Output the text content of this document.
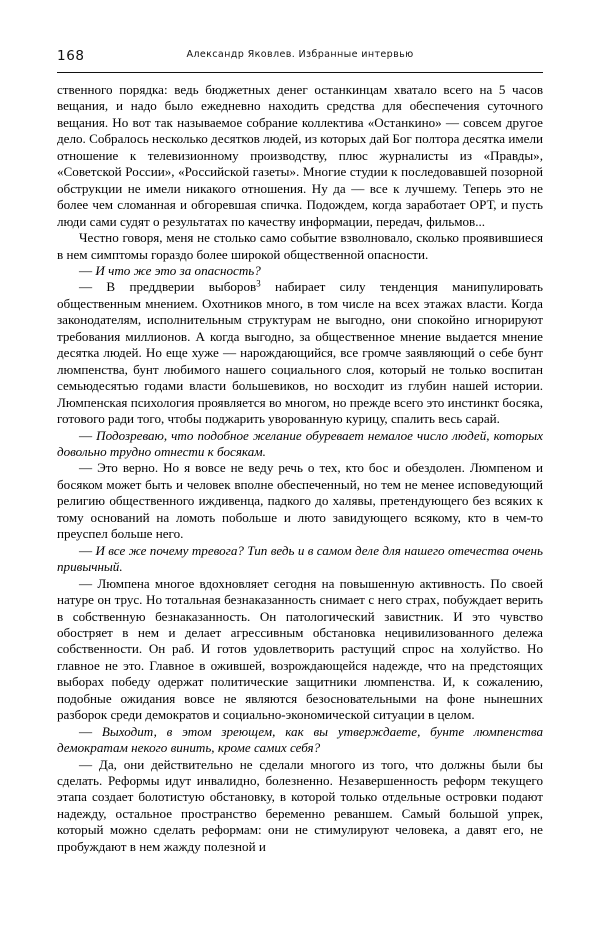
168	Александр Яковлев. Избранные интервью

ственного порядка: ведь бюджетных денег останкинцам хватало всего на 5 часов вещания, и надо было ежедневно находить средства для обеспечения суточного вещания. Но вот так называемое собрание коллектива «Останкино» — совсем другое дело. Собралось несколько десятков людей, из которых дай Бог полтора десятка имели отношение к телевизионному производству, плюс журналисты из «Правды», «Советской России», «Российской газеты». Многие студии к последовавшей позорной обструкции не имели никакого отношения. Ну да — все к лучшему. Теперь это не более чем сломанная и обгоревшая спичка. Подождем, когда заработает ОРТ, и пусть люди сами судят о результатах по качеству информации, передач, фильмов...

Честно говоря, меня не столько само событие взволновало, сколько проявившиеся в нем симптомы гораздо более широкой общественной опасности.

— И что же это за опасность?

— В преддверии выборов$^3$ набирает силу тенденция манипулировать общественным мнением. Охотников много, в том числе на всех этажах власти. Когда законодателям, исполнительным структурам не выгодно, они спокойно игнорируют требования миллионов. А когда выгодно, за общественное мнение выдается мнение десятка людей. Но еще хуже — нарождающийся, все громче заявляющий о себе бунт люмпенства, бунт любимого нашего социального слоя, который не только воспитан семьюдесятью годами власти большевиков, но восходит из глубин нашей истории. Люмпенская психология проявляется во многом, но прежде всего это инстинкт босяка, готового ради того, чтобы поджарить уворованную курицу, спалить весь сарай.

— Подозреваю, что подобное желание обуревает немалое число людей, которых довольно трудно отнести к босякам.

— Это верно. Но я вовсе не веду речь о тех, кто бос и обездолен. Люмпеном и босяком может быть и человек вполне обеспеченный, но тем не менее исповедующий религию общественного иждивенца, падкого до халявы, претендующего без всяких к тому оснований на ломоть побольше и люто завидующего всякому, кто в чем-то преуспел больше него.

— И все же почему тревога? Тип ведь и в самом деле для нашего отечества очень привычный.

— Люмпена многое вдохновляет сегодня на повышенную активность. По своей натуре он трус. Но тотальная безнаказанность снимает с него страх, побуждает верить в собственную безнаказанность. Он патологический завистник. И это чувство обостряет в нем и делает агрессивным обстановка нецивилизованного дележа собственности. Он раб. И готов удовлетворить растущий спрос на холуйство. Но главное не это. Главное в ожившей, возрождающейся надежде, что на предстоящих выборах победу одержат политические защитники люмпенства. И, к сожалению, подобные ожидания вовсе не являются безосновательными на фоне нынешних разборок среди демократов и социально-экономической ситуации в целом.

— Выходит, в этом зреющем, как вы утверждаете, бунте люмпенства демократам некого винить, кроме самих себя?

— Да, они действительно не сделали многого из того, что должны были бы сделать. Реформы идут инвалидно, болезненно. Незавершенность реформ текущего этапа создает болотистую обстановку, в которой только отдельные островки подают надежду, остальное пространство беременно реваншем. Самый большой упрек, который можно сделать реформам: они не стимулируют человека, а давят его, не пробуждают в нем жажду полезной и
